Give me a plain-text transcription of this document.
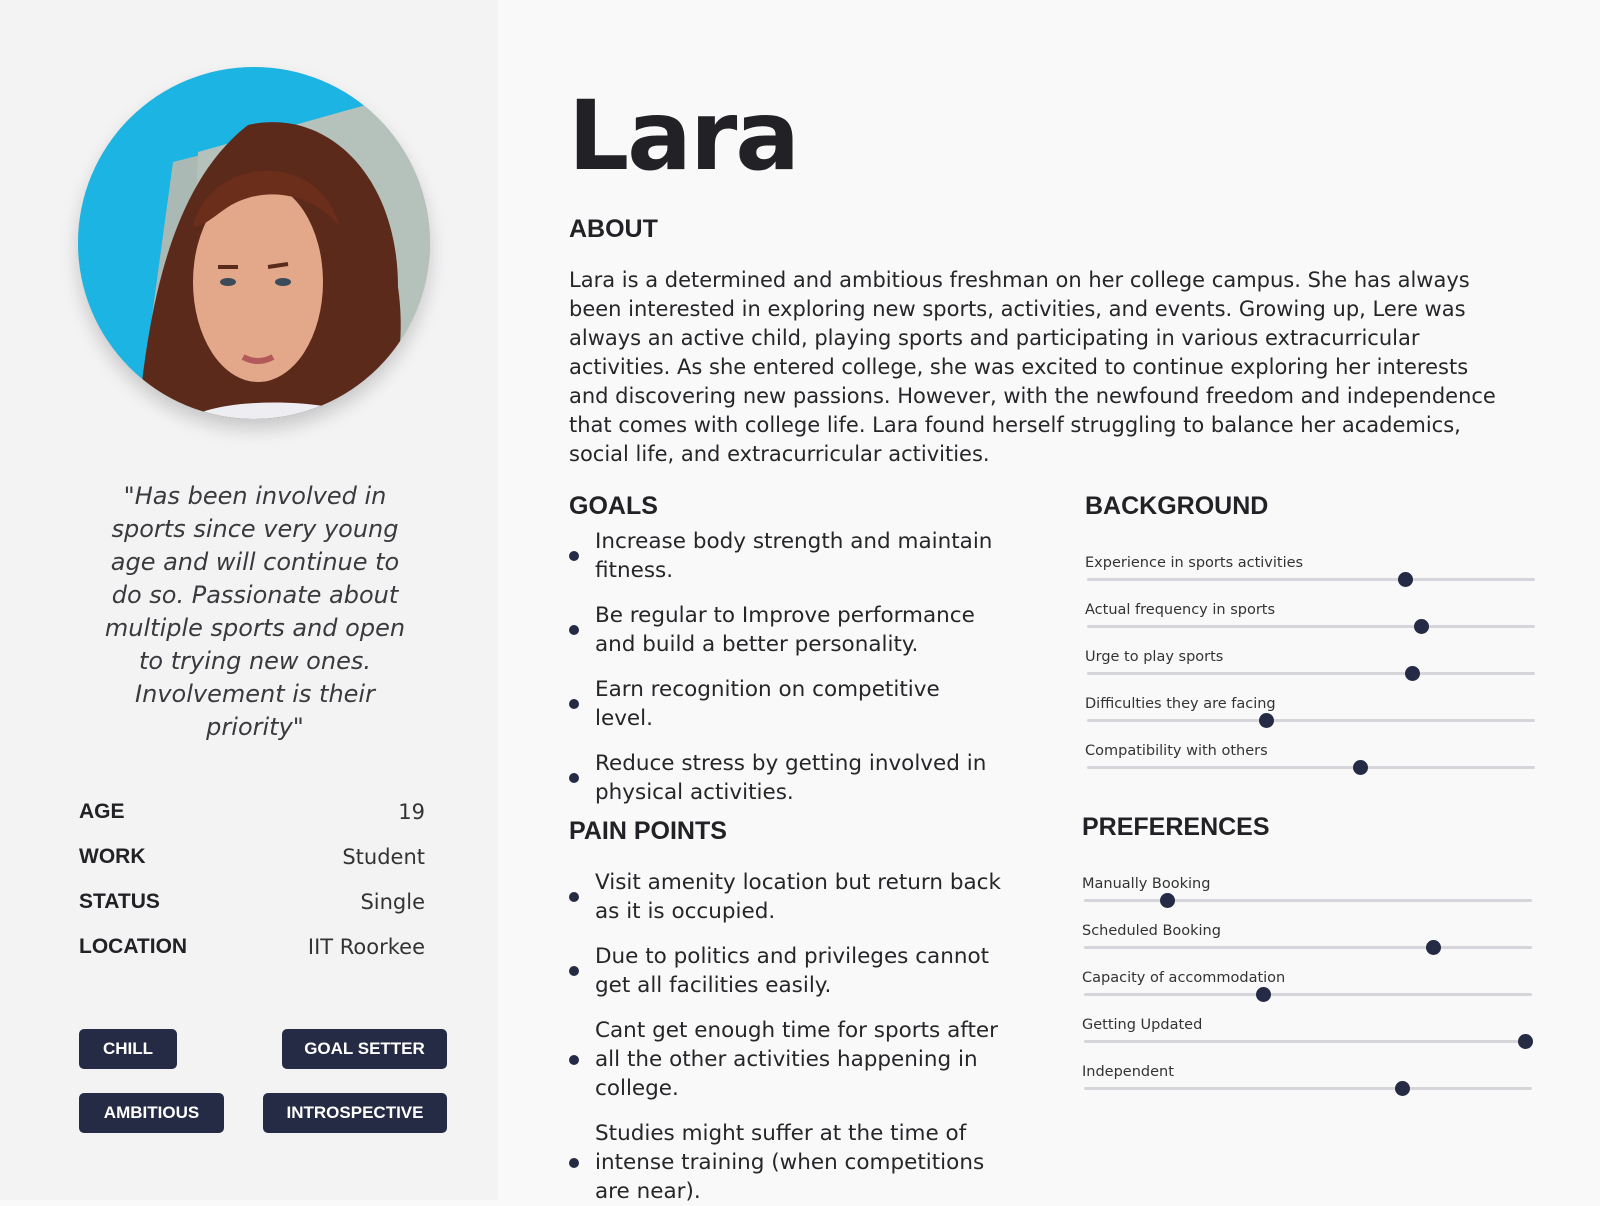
"Has been involved in sports since very young age and will continue to do so. Passionate about multiple sports and open to trying new ones. Involvement is their priority"
AGE	19
WORK	Student
STATUS	Single
LOCATION	IIT Roorkee
CHILL	GOAL SETTER
AMBITIOUS	INTROSPECTIVE
Lara
ABOUT
Lara is a determined and ambitious freshman on her college campus. She has always been interested in exploring new sports, activities, and events. Growing up, Lere was always an active child, playing sports and participating in various extracurricular activities. As she entered college, she was excited to continue exploring her interests and discovering new passions. However, with the newfound freedom and independence that comes with college life. Lara found herself struggling to balance her academics, social life, and extracurricular activities.
GOALS
Increase body strength and maintain fitness.
Be regular to Improve performance and build a better personality.
Earn recognition on competitive level.
Reduce stress by getting involved in physical activities.
PAIN POINTS
Visit amenity location but return back as it is occupied.
Due to politics and privileges cannot get all facilities easily.
Cant get enough time for sports after all the other activities happening in college.
Studies might suffer at the time of intense training (when competitions are near).
BACKGROUND
Experience in sports activities
Actual frequency in sports
Urge to play sports
Difficulties they are facing
Compatibility with others
PREFERENCES
Manually Booking
Scheduled Booking
Capacity of accommodation
Getting Updated
Independent
